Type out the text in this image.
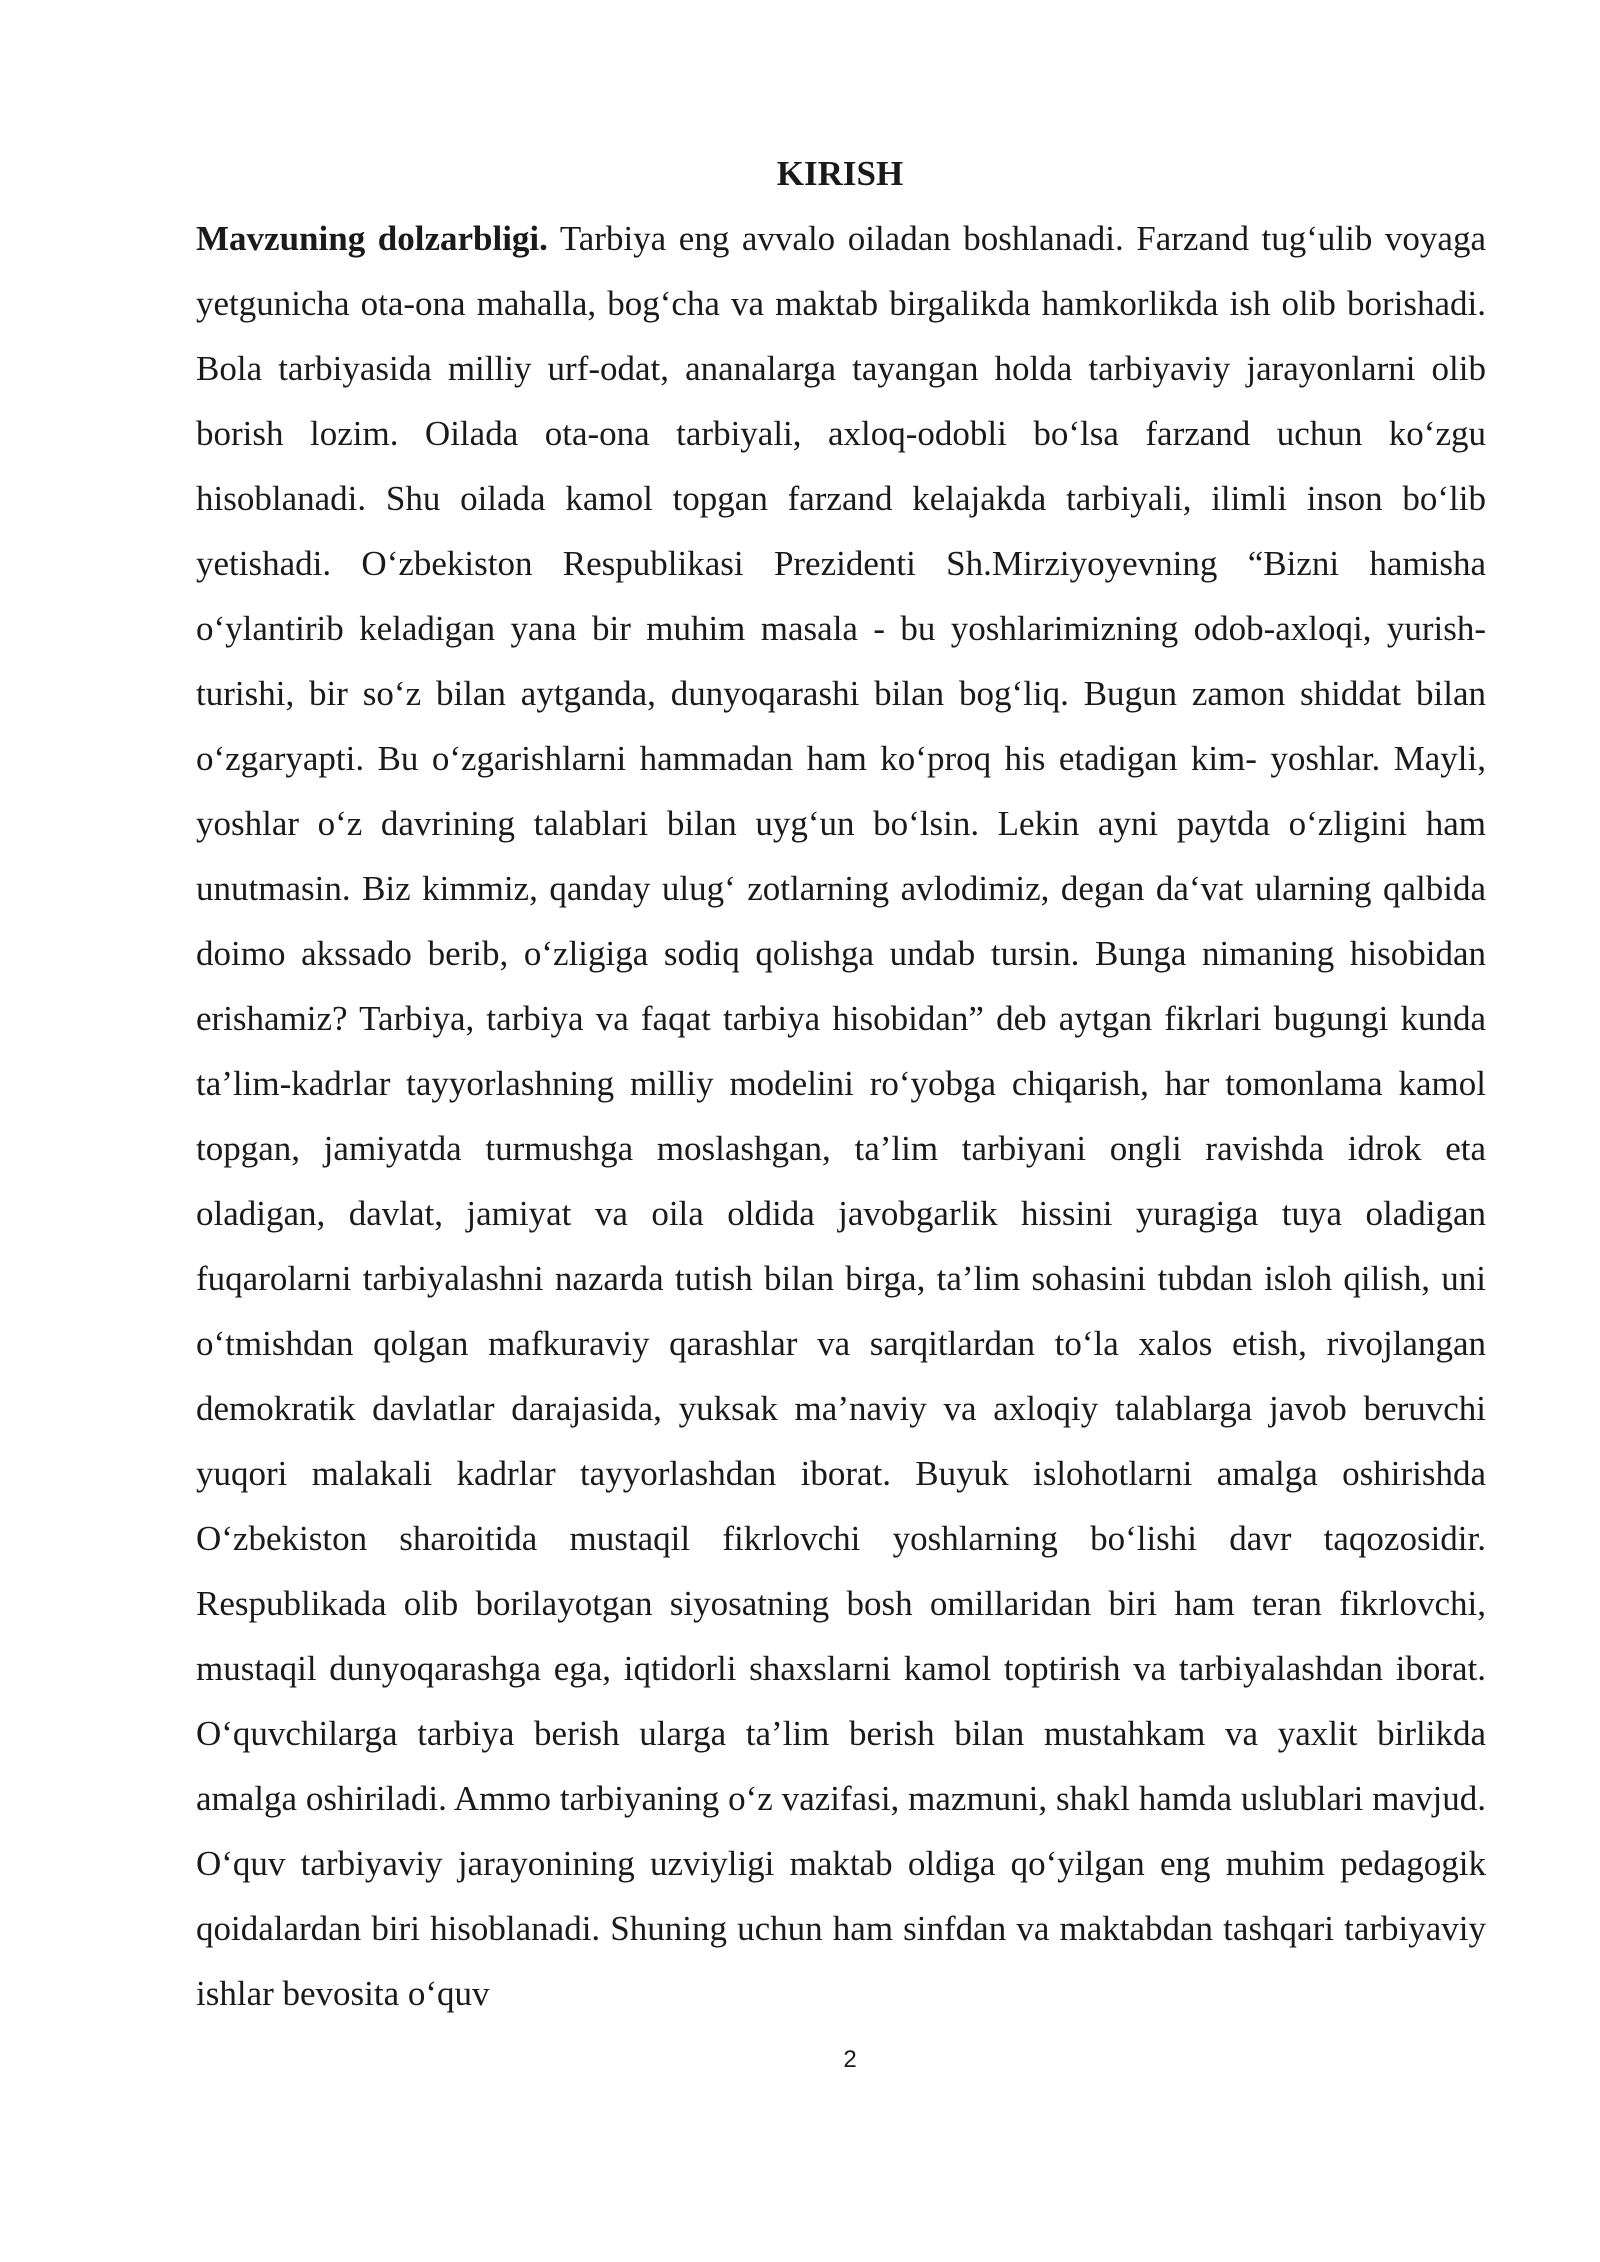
KIRISH

Mavzuning dolzarbligi. Tarbiya eng avvalo oiladan boshlanadi. Farzand tug‘ulib voyaga yetgunicha ota-ona mahalla, bog‘cha va maktab birgalikda hamkorlikda ish olib borishadi. Bola tarbiyasida milliy urf-odat, ananalarga tayangan holda tarbiyaviy jarayonlarni olib borish lozim. Oilada ota-ona tarbiyali, axloq-odobli bo‘lsa farzand uchun ko‘zgu hisoblanadi. Shu oilada kamol topgan farzand kelajakda tarbiyali, ilimli inson bo‘lib yetishadi. O‘zbekiston Respublikasi Prezidenti Sh.Mirziyoyevning “Bizni hamisha o‘ylantirib keladigan yana bir muhim masala - bu yoshlarimizning odob-axloqi, yurish-turishi, bir so‘z bilan aytganda, dunyoqarashi bilan bog‘liq. Bugun zamon shiddat bilan o‘zgaryapti. Bu o‘zgarishlarni hammadan ham ko‘proq his etadigan kim- yoshlar. Mayli, yoshlar o‘z davrining talablari bilan uyg‘un bo‘lsin. Lekin ayni paytda o‘zligini ham unutmasin. Biz kimmiz, qanday ulug‘ zotlarning avlodimiz, degan da‘vat ularning qalbida doimo akssado berib, o‘zligiga sodiq qolishga undab tursin. Bunga nimaning hisobidan erishamiz? Tarbiya, tarbiya va faqat tarbiya hisobidan” deb aytgan fikrlari bugungi kunda ta’lim-kadrlar tayyorlashning milliy modelini ro‘yobga chiqarish, har tomonlama kamol topgan, jamiyatda turmushga moslashgan, ta’lim tarbiyani ongli ravishda idrok eta oladigan, davlat, jamiyat va oila oldida javobgarlik hissini yuragiga tuya oladigan fuqarolarni tarbiyalashni nazarda tutish bilan birga, ta’lim sohasini tubdan isloh qilish, uni o‘tmishdan qolgan mafkuraviy qarashlar va sarqitlardan to‘la xalos etish, rivojlangan demokratik davlatlar darajasida, yuksak ma’naviy va axloqiy talablarga javob beruvchi yuqori malakali kadrlar tayyorlashdan iborat. Buyuk islohotlarni amalga oshirishda O‘zbekiston sharoitida mustaqil fikrlovchi yoshlarning bo‘lishi davr taqozosidir. Respublikada olib borilayotgan siyosatning bosh omillaridan biri ham teran fikrlovchi, mustaqil dunyoqarashga ega, iqtidorli shaxslarni kamol toptirish va tarbiyalashdan iborat. O‘quvchilarga tarbiya berish ularga ta’lim berish bilan mustahkam va yaxlit birlikda amalga oshiriladi. Ammo tarbiyaning o‘z vazifasi, mazmuni, shakl hamda uslublari mavjud. O‘quv tarbiyaviy jarayonining uzviyligi maktab oldiga qo‘yilgan eng muhim pedagogik qoidalardan biri hisoblanadi. Shuning uchun ham sinfdan va maktabdan tashqari tarbiyaviy ishlar bevosita o‘quv

2
